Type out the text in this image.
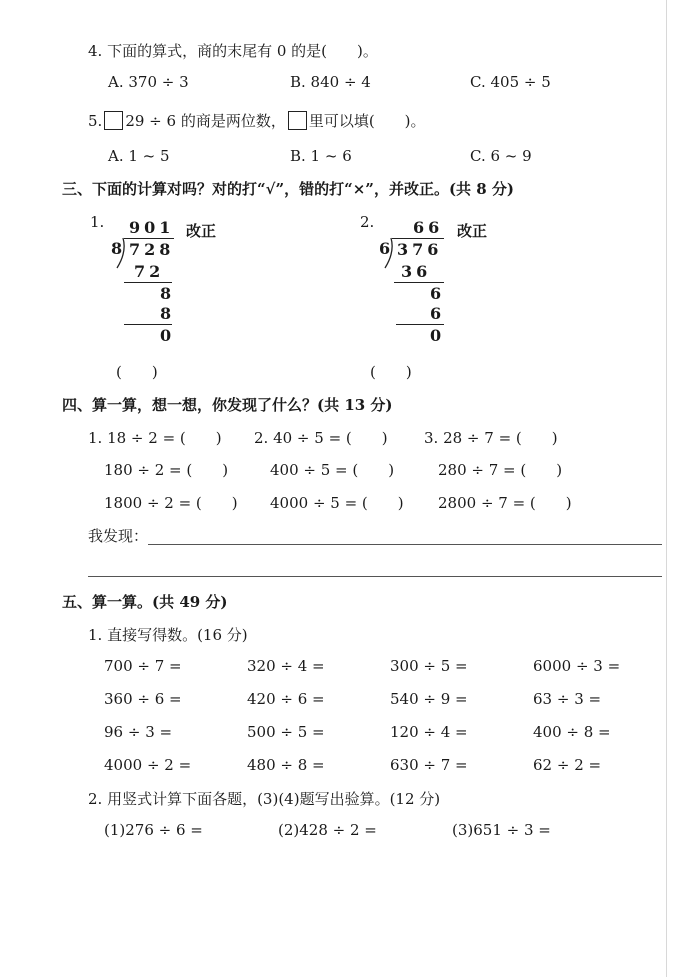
4. 下面的算式，商的末尾有 0 的是(　　)。
A. 370 ÷ 3	B. 840 ÷ 4	C. 405 ÷ 5
5. 29 ÷ 6 的商是两位数， 里可以填(　　)。
A. 1 ~ 5	B. 1 ~ 6	C. 6 ~ 9
三、下面的计算对吗？对的打“√”，错的打“×”，并改正。(共 8 分)
1. 901
8 728
72
8
8
0
改正
(　　)
2. 66
6 376
36
6
6
0
改正
(　　)
四、算一算，想一想，你发现了什么？(共 13 分)
1. 18 ÷ 2 = (　　) 2. 40 ÷ 5 = (　　) 3. 28 ÷ 7 = (　　)
180 ÷ 2 = (　　)	400 ÷ 5 = (　　)	280 ÷ 7 = (　　)
1800 ÷ 2 = (　　) 4000 ÷ 5 = (　　) 2800 ÷ 7 = (　　)
我发现：
五、算一算。(共 49 分)
1. 直接写得数。(16 分)
700 ÷ 7 =	320 ÷ 4 =	300 ÷ 5 =	6000 ÷ 3 =
360 ÷ 6 =	420 ÷ 6 =	540 ÷ 9 =	63 ÷ 3 =
96 ÷ 3 =	500 ÷ 5 =	120 ÷ 4 =	400 ÷ 8 =
4000 ÷ 2 =	480 ÷ 8 =	630 ÷ 7 =	62 ÷ 2 =
2. 用竖式计算下面各题，(3)(4)题写出验算。(12 分)
(1)276 ÷ 6 =	(2)428 ÷ 2 =	(3)651 ÷ 3 =
